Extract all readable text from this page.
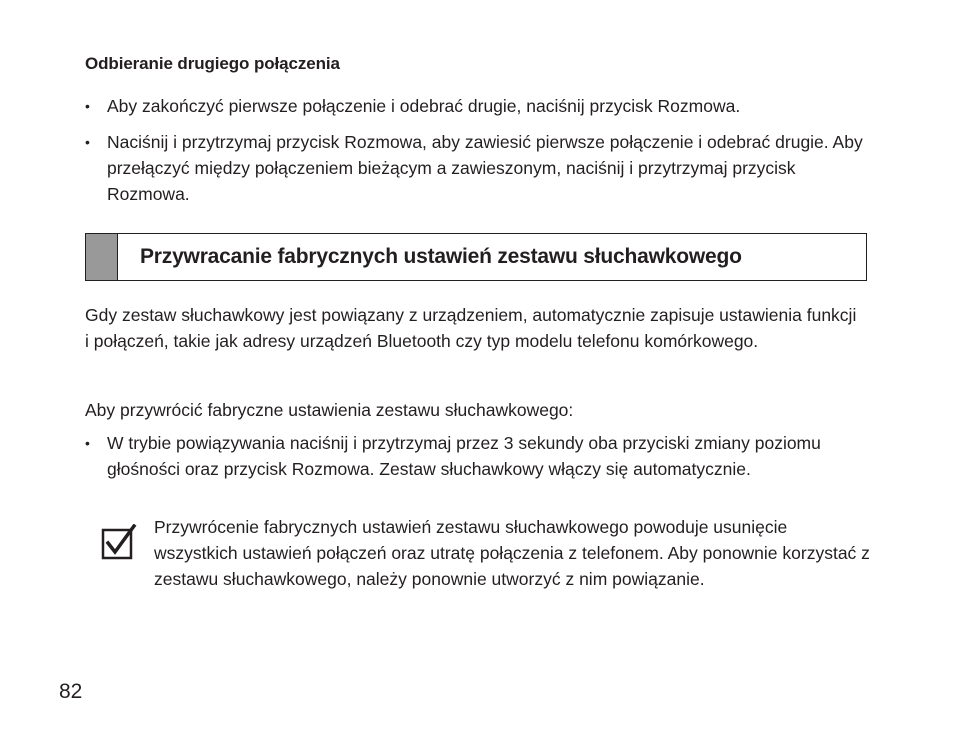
Odbieranie drugiego połączenia
• Aby zakończyć pierwsze połączenie i odebrać drugie, naciśnij przycisk Rozmowa.
• Naciśnij i przytrzymaj przycisk Rozmowa, aby zawiesić pierwsze połączenie i odebrać drugie. Aby przełączyć między połączeniem bieżącym a zawieszonym, naciśnij i przytrzymaj przycisk Rozmowa.
Przywracanie fabrycznych ustawień zestawu słuchawkowego

Gdy zestaw słuchawkowy jest powiązany z urządzeniem, automatycznie zapisuje ustawienia funkcji i połączeń, takie jak adresy urządzeń Bluetooth czy typ modelu telefonu komórkowego.

Aby przywrócić fabryczne ustawienia zestawu słuchawkowego:

• W trybie powiązywania naciśnij i przytrzymaj przez 3 sekundy oba przyciski zmiany poziomu głośności oraz przycisk Rozmowa. Zestaw słuchawkowy włączy się automatycznie.

Przywrócenie fabrycznych ustawień zestawu słuchawkowego powoduje usunięcie wszystkich ustawień połączeń oraz utratę połączenia z telefonem. Aby ponownie korzystać z zestawu słuchawkowego, należy ponownie utworzyć z nim powiązanie.

82
